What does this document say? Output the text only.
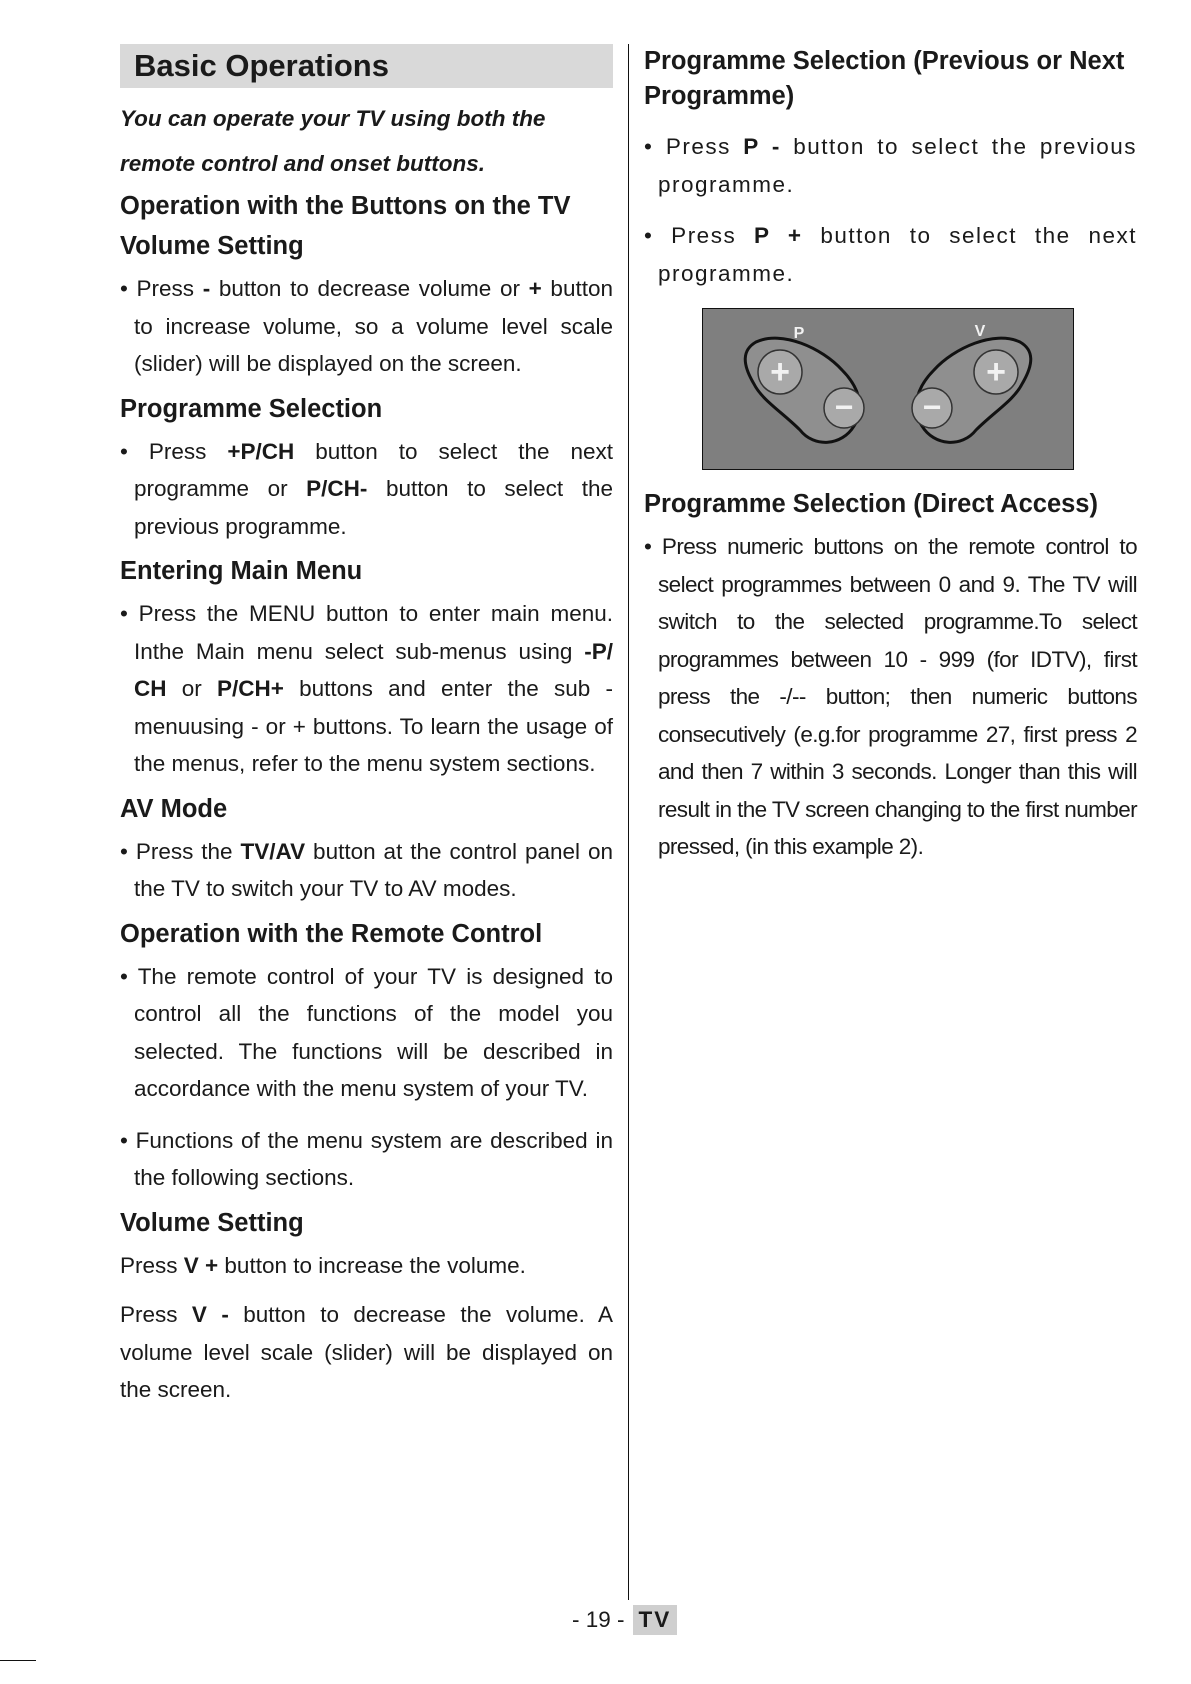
Basic Operations

You can operate your TV using both the

remote control and onset buttons.

Operation with the Buttons on the TV
Volume Setting

• Press - button to decrease volume or + button to increase volume, so a volume level scale (slider) will be displayed on the screen.

Programme Selection

• Press +P/CH button to select the next programme or P/CH- button to select the previous programme.

Entering Main Menu

• Press the MENU button to enter main menu. Inthe Main menu select sub-menus using -P/ CH or P/CH+ buttons and enter the sub -menuusing - or + buttons. To learn the usage of the menus, refer to the menu system sections.

AV Mode

• Press the TV/AV button at the control panel on the TV to switch your TV to AV modes.

Operation with the Remote Control

• The remote control of your TV is designed to control all the functions of the model you selected. The functions will be described in accordance with the menu system of your TV.

• Functions of the menu system are described in the following sections.

Volume Setting

Press V + button to increase the volume.

Press V - button to decrease the volume. A volume level scale (slider) will be displayed on the screen.

Programme Selection (Previous or Next Programme)

• Press P - button to select the previous programme.

• Press P + button to select the next programme.

+
−
+
−
P	V
Programme Selection (Direct Access)

• Press numeric buttons on the remote control to select programmes between 0 and 9. The TV will switch to the selected programme.To select programmes between 10 - 999 (for IDTV), first press the -/-- button; then numeric buttons consecutively (e.g.for programme 27, first press 2 and then 7 within 3 seconds. Longer than this will result in the TV screen changing to the first number pressed, (in this example 2).

- 19 - TV
